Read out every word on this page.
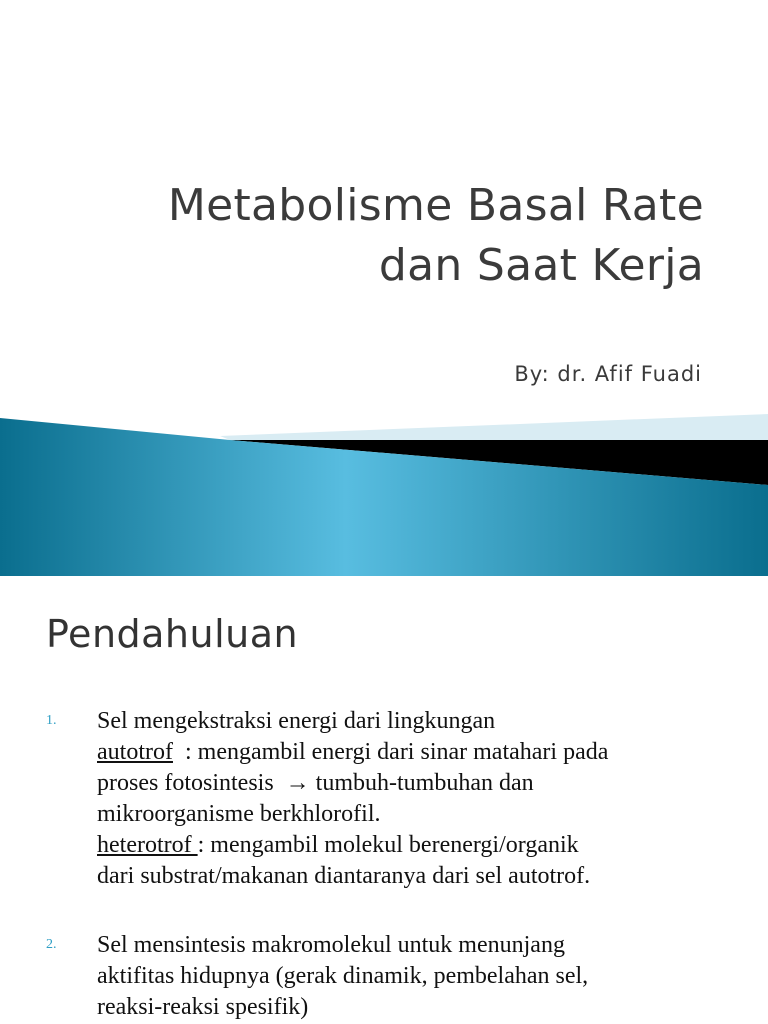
Metabolisme Basal Rate
dan Saat Kerja
By: dr. Afif Fuadi
Pendahuluan
1. Sel mengekstraksi energi dari lingkungan
autotrof  : mengambil energi dari sinar matahari pada
proses fotosintesis → tumbuh-tumbuhan dan
mikroorganisme berkhlorofil.
heterotrof : mengambil molekul berenergi/organik
dari substrat/makanan diantaranya dari sel autotrof.
2. Sel mensintesis makromolekul untuk menunjang
aktifitas hidupnya (gerak dinamik, pembelahan sel,
reaksi-reaksi spesifik)
